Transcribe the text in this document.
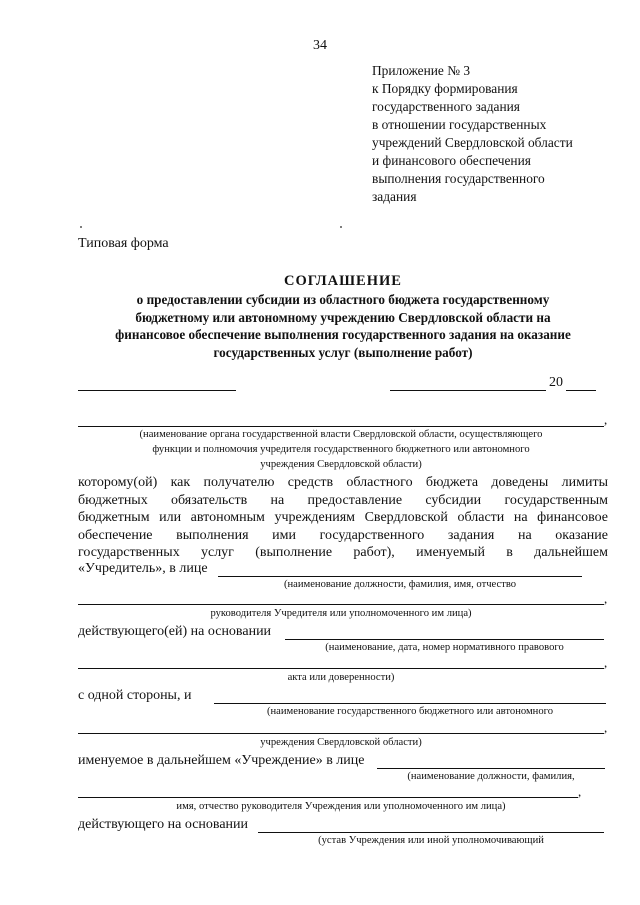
34
Приложение № 3
к Порядку формирования
государственного задания
в отношении государственных
учреждений Свердловской области
и финансового обеспечения
выполнения государственного
задания
Типовая форма
СОГЛАШЕНИЕ
о предоставлении субсидии из областного бюджета государственному
бюджетному или автономному учреждению Свердловской области на
финансовое обеспечение выполнения государственного задания на оказание
государственных услуг (выполнение работ)
20
,
(наименование органа государственной власти Свердловской области, осуществляющего
функции и полномочия учредителя государственного бюджетного или автономного
учреждения Свердловской области)
которому(ой) как получателю средств областного бюджета доведены лимиты
бюджетных обязательств на предоставление субсидии государственным
бюджетным или автономным учреждениям Свердловской области на финансовое
обеспечение выполнения ими государственного задания на оказание
государственных услуг (выполнение работ), именуемый в дальнейшем
«Учредитель», в лице
(наименование должности, фамилия, имя, отчество
,
руководителя Учредителя или уполномоченного им лица)
действующего(ей) на основании
(наименование, дата, номер нормативного правового
,
акта или доверенности)
с одной стороны, и
(наименование государственного бюджетного или автономного
,
учреждения Свердловской области)
именуемое в дальнейшем «Учреждение» в лице
(наименование должности, фамилия,
,
имя, отчество руководителя Учреждения или уполномоченного им лица)
действующего на основании
(устав Учреждения или иной уполномочивающий
